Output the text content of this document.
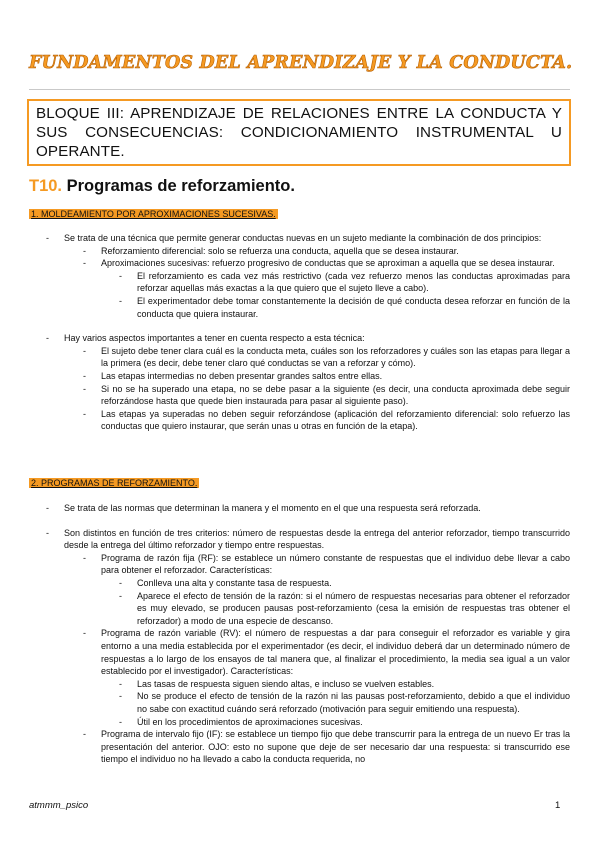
FUNDAMENTOS DEL APRENDIZAJE Y LA CONDUCTA.
BLOQUE III: APRENDIZAJE DE RELACIONES ENTRE LA CONDUCTA Y SUS CONSECUENCIAS: CONDICIONAMIENTO INSTRUMENTAL U OPERANTE.
T10. Programas de reforzamiento.
1. MOLDEAMIENTO POR APROXIMACIONES SUCESIVAS.
- Se trata de una técnica que permite generar conductas nuevas en un sujeto mediante la combinación de dos principios:
- Reforzamiento diferencial: solo se refuerza una conducta, aquella que se desea instaurar.
- Aproximaciones sucesivas: refuerzo progresivo de conductas que se aproximan a aquella que se desea instaurar.
- El reforzamiento es cada vez más restrictivo (cada vez refuerzo menos las conductas aproximadas para reforzar aquellas más exactas a la que quiero que el sujeto lleve a cabo).
- El experimentador debe tomar constantemente la decisión de qué conducta desea reforzar en función de la conducta que quiera instaurar.
- Hay varios aspectos importantes a tener en cuenta respecto a esta técnica:
- El sujeto debe tener clara cuál es la conducta meta, cuáles son los reforzadores y cuáles son las etapas para llegar a la primera (es decir, debe tener claro qué conductas se van a reforzar y cómo).
- Las etapas intermedias no deben presentar grandes saltos entre ellas.
- Si no se ha superado una etapa, no se debe pasar a la siguiente (es decir, una conducta aproximada debe seguir reforzándose hasta que quede bien instaurada para pasar al siguiente paso).
- Las etapas ya superadas no deben seguir reforzándose (aplicación del reforzamiento diferencial: solo refuerzo las conductas que quiero instaurar, que serán unas u otras en función de la etapa).
2. PROGRAMAS DE REFORZAMIENTO.
- Se trata de las normas que determinan la manera y el momento en el que una respuesta será reforzada.
- Son distintos en función de tres criterios: número de respuestas desde la entrega del anterior reforzador, tiempo transcurrido desde la entrega del último reforzador y tiempo entre respuestas.
- Programa de razón fija (RF): se establece un número constante de respuestas que el individuo debe llevar a cabo para obtener el reforzador. Características:
- Conlleva una alta y constante tasa de respuesta.
- Aparece el efecto de tensión de la razón: si el número de respuestas necesarias para obtener el reforzador es muy elevado, se producen pausas post-reforzamiento (cesa la emisión de respuestas tras obtener el reforzador) a modo de una especie de descanso.
- Programa de razón variable (RV): el número de respuestas a dar para conseguir el reforzador es variable y gira entorno a una media establecida por el experimentador (es decir, el individuo deberá dar un determinado número de respuestas a lo largo de los ensayos de tal manera que, al finalizar el procedimiento, la media sea igual a un valor establecido por el investigador). Características:
- Las tasas de respuesta siguen siendo altas, e incluso se vuelven estables.
- No se produce el efecto de tensión de la razón ni las pausas post-reforzamiento, debido a que el individuo no sabe con exactitud cuándo será reforzado (motivación para seguir emitiendo una respuesta).
- Útil en los procedimientos de aproximaciones sucesivas.
- Programa de intervalo fijo (IF): se establece un tiempo fijo que debe transcurrir para la entrega de un nuevo Er tras la presentación del anterior. OJO: esto no supone que deje de ser necesario dar una respuesta: si transcurrido ese tiempo el individuo no ha llevado a cabo la conducta requerida, no
atmmm_psico	1
